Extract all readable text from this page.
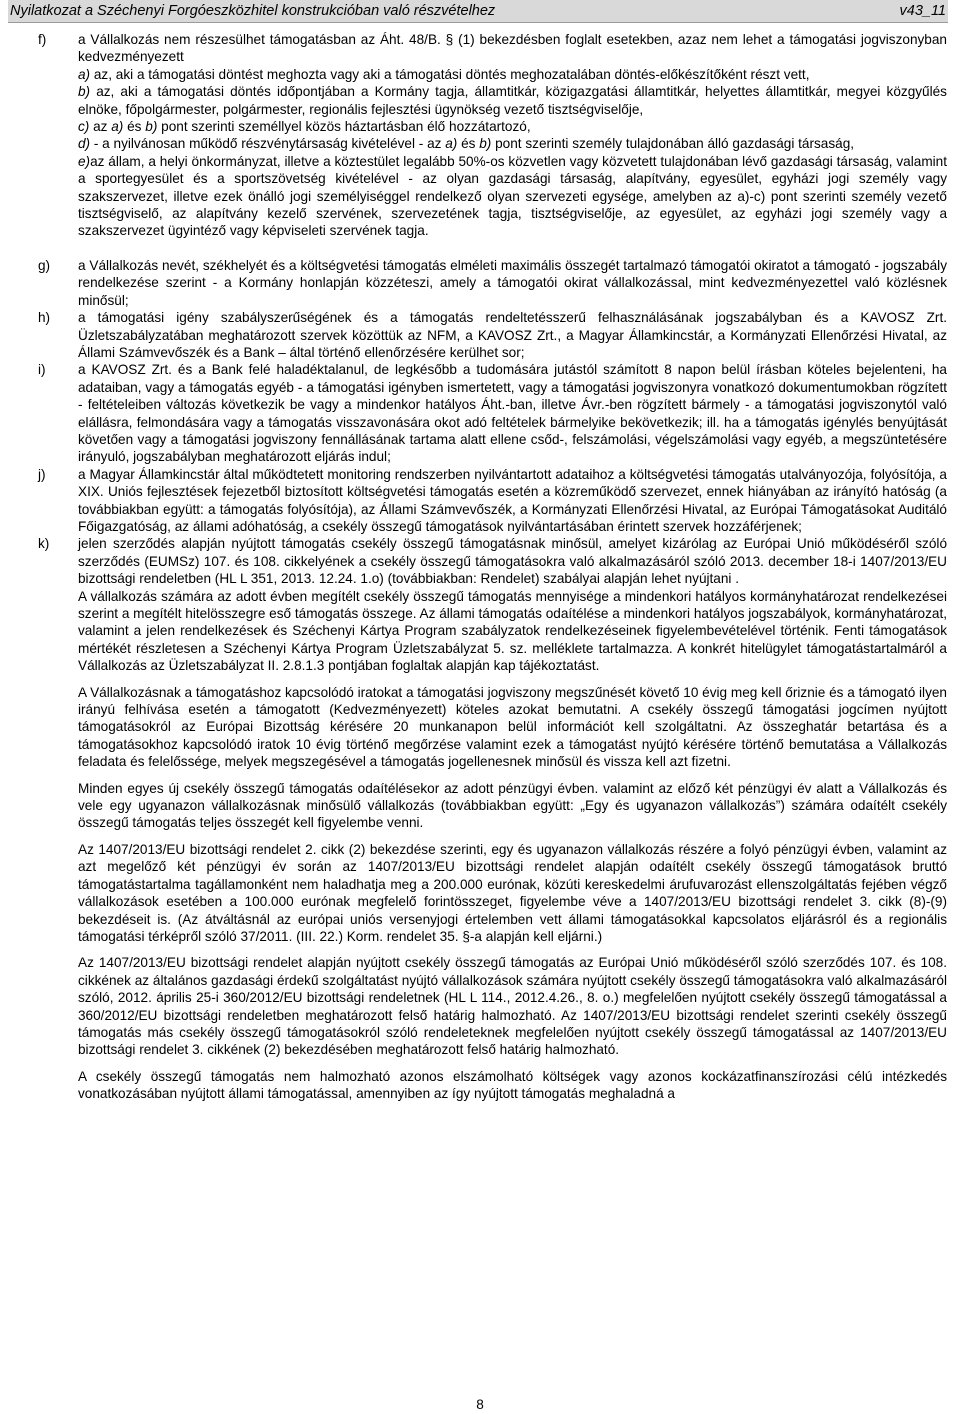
Nyilatkozat a Széchenyi Forgóeszközhitel konstrukcióban való részvételhez	v43_11
f)	a Vállalkozás nem részesülhet támogatásban az Áht. 48/B. § (1) bekezdésben foglalt esetekben, azaz nem lehet a támogatási jogviszonyban kedvezményezett

a) az, aki a támogatási döntést meghozta vagy aki a támogatási döntés meghozatalában döntés-előkészítőként részt vett,

b) az, aki a támogatási döntés időpontjában a Kormány tagja, államtitkár, közigazgatási államtitkár, helyettes államtitkár, megyei közgyűlés elnöke, főpolgármester, polgármester, regionális fejlesztési ügynökség vezető tisztségviselője,

c) az a) és b) pont szerinti személlyel közös háztartásban élő hozzátartozó,

d) - a nyilvánosan működő részvénytársaság kivételével - az a) és b) pont szerinti személy tulajdonában álló gazdasági társaság,

e)az állam, a helyi önkormányzat, illetve a köztestület legalább 50%-os közvetlen vagy közvetett tulajdonában lévő gazdasági társaság, valamint a sportegyesület és a sportszövetség kivételével - az olyan gazdasági társaság, alapítvány, egyesület, egyházi jogi személy vagy szakszervezet, illetve ezek önálló jogi személyiséggel rendelkező olyan szervezeti egysége, amelyben az a)-c) pont szerinti személy vezető tisztségviselő, az alapítvány kezelő szervének, szervezetének tagja, tisztségviselője, az egyesület, az egyházi jogi személy vagy a szakszervezet ügyintéző vagy képviseleti szervének tagja.

g)	a Vállalkozás nevét, székhelyét és a költségvetési támogatás elméleti maximális összegét tartalmazó támogatói okiratot a támogató - jogszabály rendelkezése szerint - a Kormány honlapján közzéteszi, amely a támogatói okirat vállalkozással, mint kedvezményezettel való közlésnek minősül;
h)	a támogatási igény szabályszerűségének és a támogatás rendeltetésszerű felhasználásának jogszabályban és a KAVOSZ Zrt. Üzletszabályzatában meghatározott szervek közöttük az NFM, a KAVOSZ Zrt., a Magyar Államkincstár, a Kormányzati Ellenőrzési Hivatal, az Állami Számvevőszék és a Bank – által történő ellenőrzésére kerülhet sor;
i)	a KAVOSZ Zrt. és a Bank felé haladéktalanul, de legkésőbb a tudomására jutástól számított 8 napon belül írásban köteles bejelenteni, ha adataiban, vagy a támogatás egyéb - a támogatási igényben ismertetett, vagy a támogatási jogviszonyra vonatkozó dokumentumokban rögzített - feltételeiben változás következik be vagy a mindenkor hatályos Áht.-ban, illetve Ávr.-ben rögzített bármely - a támogatási jogviszonytól való elállásra, felmondására vagy a támogatás visszavonására okot adó feltételek bármelyike bekövetkezik; ill. ha a támogatás igénylés benyújtását követően vagy a támogatási jogviszony fennállásának tartama alatt ellene csőd-, felszámolási, végelszámolási vagy egyéb, a megszüntetésére irányuló, jogszabályban meghatározott eljárás indul;
j)	a Magyar Államkincstár által működtetett monitoring rendszerben nyilvántartott adataihoz a költségvetési támogatás utalványozója, folyósítója, a XIX. Uniós fejlesztések fejezetből biztosított költségvetési támogatás esetén a közreműködő szervezet, ennek hiányában az irányító hatóság (a továbbiakban együtt: a támogatás folyósítója), az Állami Számvevőszék, a Kormányzati Ellenőrzési Hivatal, az Európai Támogatásokat Auditáló Főigazgatóság, az állami adóhatóság, a csekély összegű támogatások nyilvántartásában érintett szervek hozzáférjenek;
k)	jelen szerződés alapján nyújtott támogatás csekély összegű támogatásnak minősül, amelyet kizárólag az Európai Unió működéséről szóló szerződés (EUMSz) 107. és 108. cikkelyének a csekély összegű támogatásokra való alkalmazásáról szóló 2013. december 18-i 1407/2013/EU bizottsági rendeletben (HL L 351, 2013. 12.24. 1.o) (továbbiakban: Rendelet) szabályai alapján lehet nyújtani .

A vállalkozás számára az adott évben megítélt csekély összegű támogatás mennyisége a mindenkori hatályos kormányhatározat rendelkezései szerint a megítélt hitelösszegre eső támogatás összege. Az állami támogatás odaítélése a mindenkori hatályos jogszabályok, kormányhatározat, valamint a jelen rendelkezések és Széchenyi Kártya Program szabályzatok rendelkezéseinek figyelembevételével történik. Fenti támogatások mértékét részletesen a Széchenyi Kártya Program Üzletszabályzat 5. sz. melléklete tartalmazza. A konkrét hitelügylet támogatástartalmáról a Vállalkozás az Üzletszabályzat II. 2.8.1.3 pontjában foglaltak alapján kap tájékoztatást.

A Vállalkozásnak a támogatáshoz kapcsolódó iratokat a támogatási jogviszony megszűnését követő 10 évig meg kell őriznie és a támogató ilyen irányú felhívása esetén a támogatott (Kedvezményezett) köteles azokat bemutatni. A csekély összegű támogatási jogcímen nyújtott támogatásokról az Európai Bizottság kérésére 20 munkanapon belül információt kell szolgáltatni. Az összeghatár betartása és a támogatásokhoz kapcsolódó iratok 10 évig történő megőrzése valamint ezek a támogatást nyújtó kérésére történő bemutatása a Vállalkozás feladata és felelőssége, melyek megszegésével a támogatás jogellenesnek minősül és vissza kell azt fizetni.

Minden egyes új csekély összegű támogatás odaítélésekor az adott pénzügyi évben. valamint az előző két pénzügyi év alatt a Vállalkozás és vele egy ugyanazon vállalkozásnak minősülő vállalkozás (továbbiakban együtt: „Egy és ugyanazon vállalkozás”) számára odaítélt csekély összegű támogatás teljes összegét kell figyelembe venni.

Az 1407/2013/EU bizottsági rendelet 2. cikk (2) bekezdése szerinti, egy és ugyanazon vállalkozás részére a folyó pénzügyi évben, valamint az azt megelőző két pénzügyi év során az 1407/2013/EU bizottsági rendelet alapján odaítélt csekély összegű támogatások bruttó támogatástartalma tagállamonként nem haladhatja meg a 200.000 eurónak, közúti kereskedelmi árufuvarozást ellenszolgáltatás fejében végző vállalkozások esetében a 100.000 eurónak megfelelő forintösszeget, figyelembe véve a 1407/2013/EU bizottsági rendelet 3. cikk (8)-(9) bekezdéseit is. (Az átváltásnál az európai uniós versenyjogi értelemben vett állami támogatásokkal kapcsolatos eljárásról és a regionális támogatási térképről szóló 37/2011. (III. 22.) Korm. rendelet 35. §-a alapján kell eljárni.)

Az 1407/2013/EU bizottsági rendelet alapján nyújtott csekély összegű támogatás az Európai Unió működéséről szóló szerződés 107. és 108. cikkének az általános gazdasági érdekű szolgáltatást nyújtó vállalkozások számára nyújtott csekély összegű támogatásokra való alkalmazásáról szóló, 2012. április 25-i 360/2012/EU bizottsági rendeletnek (HL L 114., 2012.4.26., 8. o.) megfelelően nyújtott csekély összegű támogatással a 360/2012/EU bizottsági rendeletben meghatározott felső határig halmozható. Az 1407/2013/EU bizottsági rendelet szerinti csekély összegű támogatás más csekély összegű támogatásokról szóló rendeleteknek megfelelően nyújtott csekély összegű támogatással az 1407/2013/EU bizottsági rendelet 3. cikkének (2) bekezdésében meghatározott felső határig halmozható.

A csekély összegű támogatás nem halmozható azonos elszámolható költségek vagy azonos kockázatfinanszírozási célú intézkedés vonatkozásában nyújtott állami támogatással, amennyiben az így nyújtott támogatás meghaladná a

8
